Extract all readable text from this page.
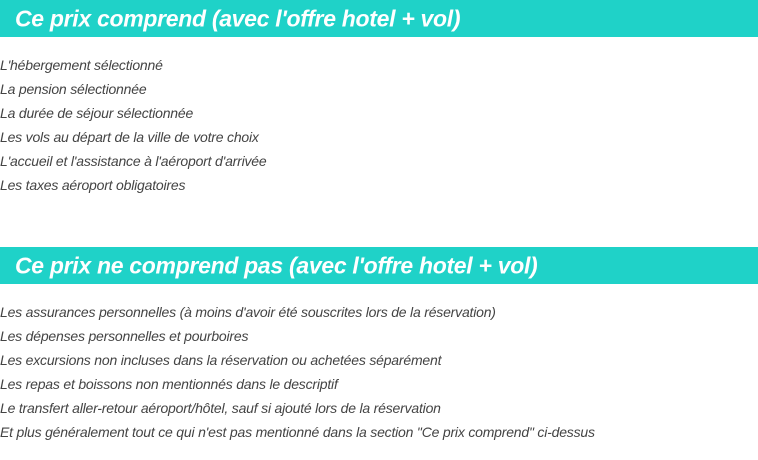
Ce prix comprend (avec l'offre hotel + vol)
L'hébergement sélectionné
La pension sélectionnée
La durée de séjour sélectionnée
Les vols au départ de la ville de votre choix
L'accueil et l'assistance à l'aéroport d'arrivée
Les taxes aéroport obligatoires
Ce prix ne comprend pas (avec l'offre hotel + vol)
Les assurances personnelles (à moins d'avoir été souscrites lors de la réservation)
Les dépenses personnelles et pourboires
Les excursions non incluses dans la réservation ou achetées séparément
Les repas et boissons non mentionnés dans le descriptif
Le transfert aller-retour aéroport/hôtel, sauf si ajouté lors de la réservation
Et plus généralement tout ce qui n'est pas mentionné dans la section "Ce prix comprend" ci-dessus
